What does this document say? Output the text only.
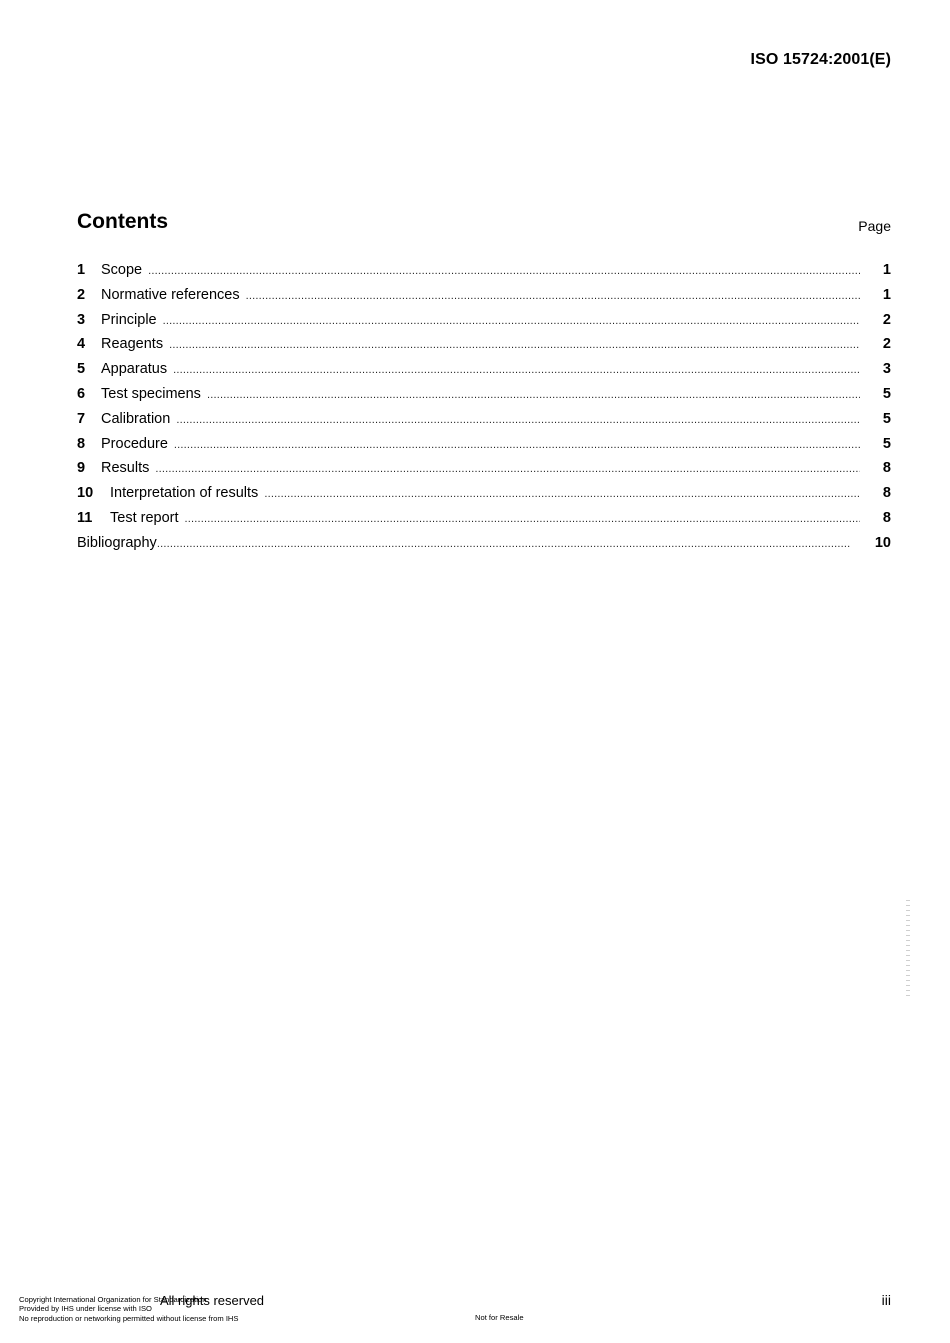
ISO 15724:2001(E)
Contents	Page
1	Scope .....	1
2	Normative references .....	1
3	Principle .....	2
4	Reagents .....	2
5	Apparatus .....	3
6	Test specimens .....	5
7	Calibration .....	5
8	Procedure .....	5
9	Results .....	8
10	Interpretation of results .....	8
11	Test report .....	8
Bibliography .....	10
Copyright International Organization for Standardization
Provided by IHS under license with ISO
No reproduction or networking permitted without license from IHS
All rights reserved
Not for Resale
iii
